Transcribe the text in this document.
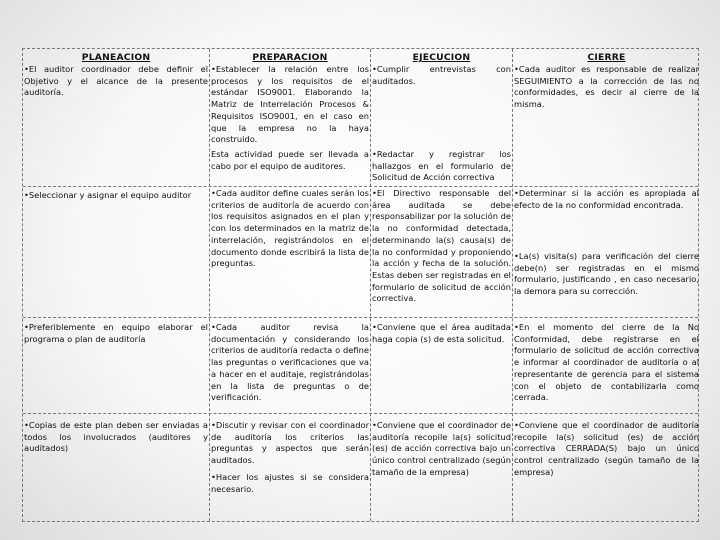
PLANEACION	PREPARACION	EJECUCION	CIERRE
• El auditor coordinador debe definir el Objetivo y el alcance de la presente auditoría.
• Establecer la relación entre los procesos y los requisitos de el estándar ISO9001. Elaborando la Matriz de Interrelación Procesos & Requisitos ISO9001, en el caso en que la empresa no la haya construido.
• Cumplir entrevistas con auditados.
• Cada auditor es responsable de realizar SEGUIMIENTO a la corrección de las no conformidades, es decir al cierre de la misma.
Esta actividad puede ser llevada a cabo por el equipo de auditores.
• Redactar y registrar los hallazgos en el formulario de Solicitud de Acción correctiva
• Seleccionar y asignar el equipo auditor
•	Cada auditor define cuales serán los criterios de auditoría de acuerdo con los requisitos asignados en el plan y con los determinados en la matriz de interrelación, registrándolos en el documento donde escribirá la lista de preguntas.
• El Directivo responsable del área auditada se debe responsabilizar por la solución de la no conformidad detectada, determinando la(s) causa(s) de la no conformidad y proponiendo la acción y fecha de la solución. Estas deben ser registradas en el formulario de solicitud de acción correctiva.
• Determinar si la acción es apropiada al efecto de la no conformidad encontrada.
• La(s) visita(s) para verificación del cierre debe(n) ser registradas en el mismo formulario, justificando , en caso necesario, la demora para su corrección.
• Preferiblemente en equipo elaborar el programa o plan de auditoría
• Cada auditor revisa la documentación y considerando los criterios de auditoría redacta o define las preguntas o verificaciones que va a hacer en el auditaje, registrándolas en la lista de preguntas o de verificación.
• Conviene que el área auditada haga copia (s) de esta solicitud.
• En el momento del cierre de la No Conformidad, debe registrarse en el formulario de solicitud de acción correctiva e informar al coordinador de auditoría o al representante de gerencia para el sistema con el objeto de contabilizarla como cerrada.
• Copias de este plan deben ser enviadas a todos los involucrados (auditores y auditados)
• Discutir y revisar con el coordinador de auditoría los criterios las preguntas y aspectos que serán auditados.
• Hacer los ajustes si se considera necesario.
• Conviene que el coordinador de auditoría recopile la(s) solicitud (es) de acción correctiva bajo un único control centralizado (según tamaño de la empresa)
• Conviene que el coordinador de auditoría recopile la(s) solicitud (es) de acción correctiva CERRADA(S) bajo un único control centralizado (según tamaño de la empresa)
